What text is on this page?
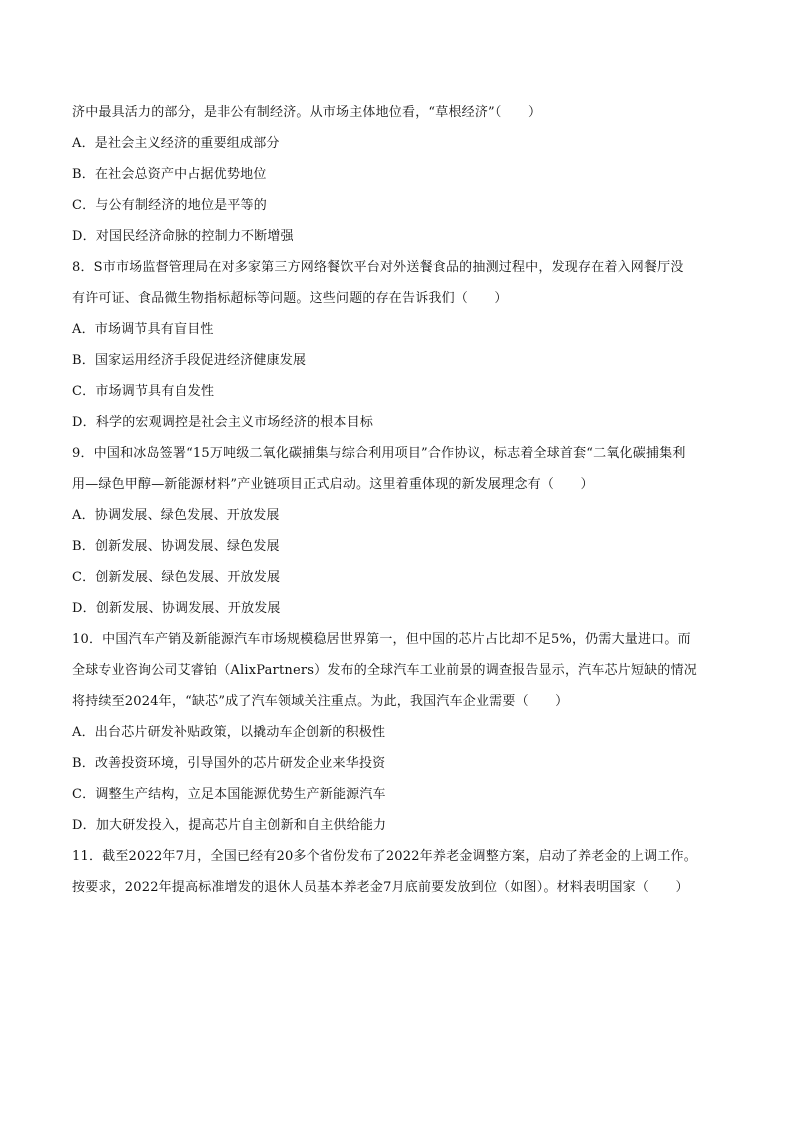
济中最具活力的部分，是非公有制经济。从市场主体地位看，“草根经济”（　　）
A．是社会主义经济的重要组成部分
B．在社会总资产中占据优势地位
C．与公有制经济的地位是平等的
D．对国民经济命脉的控制力不断增强
8．S市市场监督管理局在对多家第三方网络餐饮平台对外送餐食品的抽测过程中，发现存在着入网餐厅没
有许可证、食品微生物指标超标等问题。这些问题的存在告诉我们（　　）
A．市场调节具有盲目性
B．国家运用经济手段促进经济健康发展
C．市场调节具有自发性
D．科学的宏观调控是社会主义市场经济的根本目标
9．中国和冰岛签署“15万吨级二氧化碳捕集与综合利用项目”合作协议，标志着全球首套“二氧化碳捕集利
用—绿色甲醇—新能源材料”产业链项目正式启动。这里着重体现的新发展理念有（　　）
A．协调发展、绿色发展、开放发展
B．创新发展、协调发展、绿色发展
C．创新发展、绿色发展、开放发展
D．创新发展、协调发展、开放发展
10．中国汽车产销及新能源汽车市场规模稳居世界第一，但中国的芯片占比却不足5%，仍需大量进口。而
全球专业咨询公司艾睿铂（AlixPartners）发布的全球汽车工业前景的调查报告显示，汽车芯片短缺的情况
将持续至2024年，“缺芯”成了汽车领域关注重点。为此，我国汽车企业需要（　　）
A．出台芯片研发补贴政策，以撬动车企创新的积极性
B．改善投资环境，引导国外的芯片研发企业来华投资
C．调整生产结构，立足本国能源优势生产新能源汽车
D．加大研发投入，提高芯片自主创新和自主供给能力
11．截至2022年7月，全国已经有20多个省份发布了2022年养老金调整方案，启动了养老金的上调工作。
按要求，2022年提高标准增发的退休人员基本养老金7月底前要发放到位（如图）。材料表明国家（　　）
